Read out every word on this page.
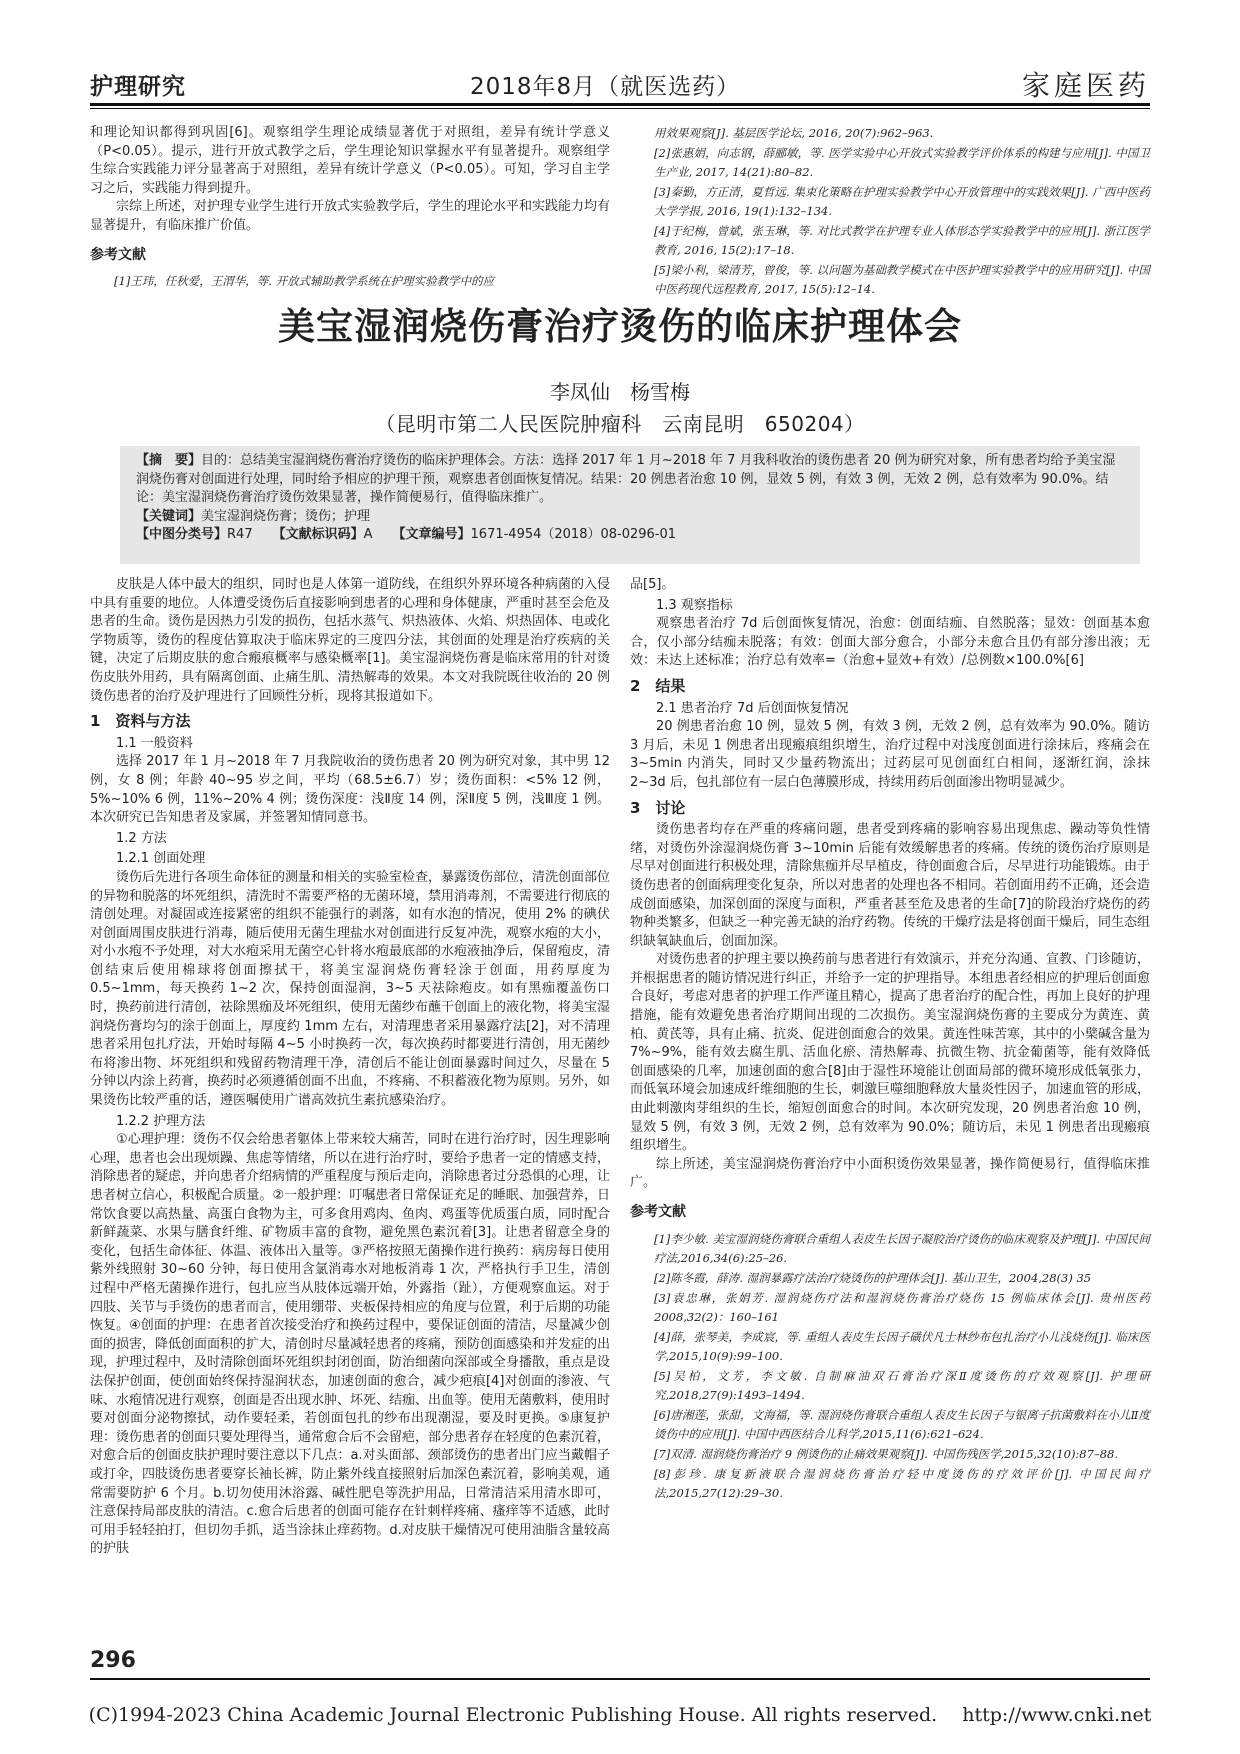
护理研究	2018年8月（就医选药）	家庭医药

和理论知识都得到巩固[6]。观察组学生理论成绩显著优于对照组，差异有统计学意义（P<0.05）。提示，进行开放式教学之后，学生理论知识掌握水平有显著提升。观察组学生综合实践能力评分显著高于对照组，差异有统计学意义（P<0.05）。可知，学习自主学习之后，实践能力得到提升。

宗综上所述，对护理专业学生进行开放式实验教学后，学生的理论水平和实践能力均有显著提升，有临床推广价值。

参考文献
[1]王玮，任秋爱，王渭华，等. 开放式辅助教学系统在护理实验教学中的应
用效果观察[J]. 基层医学论坛, 2016, 20(7):962–963.
[2]张惠娟，向志钢，薛郦敏，等. 医学实验中心开放式实验教学评价体系的构建与应用[J]. 中国卫生产业, 2017, 14(21):80–82.
[3]秦勤，方正清，夏哲远. 集束化策略在护理实验教学中心开放管理中的实践效果[J]. 广西中医药大学学报, 2016, 19(1):132–134.
[4]于纪梅，曾斌，张玉琳，等. 对比式教学在护理专业人体形态学实验教学中的应用[J]. 浙江医学教育, 2016, 15(2):17–18.
[5]梁小利，梁清芳，曾俊，等. 以问题为基础教学模式在中医护理实验教学中的应用研究[J]. 中国中医药现代远程教育, 2017, 15(5):12–14.
美宝湿润烧伤膏治疗烫伤的临床护理体会
李凤仙　杨雪梅
（昆明市第二人民医院肿瘤科　云南昆明　650204）
【摘　要】目的：总结美宝湿润烧伤膏治疗烫伤的临床护理体会。方法：选择 2017 年 1 月~2018 年 7 月我科收治的烫伤患者 20 例为研究对象，所有患者均给予美宝湿润烧伤膏对创面进行处理，同时给予相应的护理干预，观察患者创面恢复情况。结果：20 例患者治愈 10 例，显效 5 例，有效 3 例，无效 2 例，总有效率为 90.0%。结论：美宝湿润烧伤膏治疗烫伤效果显著，操作简便易行，值得临床推广。
【关键词】美宝湿润烧伤膏；烫伤；护理
【中图分类号】R47 【文献标识码】A 【文章编号】1671-4954（2018）08-0296-01

皮肤是人体中最大的组织，同时也是人体第一道防线，在组织外界环境各种病菌的入侵中具有重要的地位。人体遭受烫伤后直接影响到患者的心理和身体健康，严重时甚至会危及患者的生命。烫伤是因热力引发的损伤，包括水蒸气、炽热液体、火焰、炽热固体、电或化学物质等，烫伤的程度估算取决于临床界定的三度四分法，其创面的处理是治疗疾病的关键，决定了后期皮肤的愈合瘢痕概率与感染概率[1]。美宝湿润烧伤膏是临床常用的针对烫伤皮肤外用药，具有隔离创面、止痛生肌、清热解毒的效果。本文对我院既往收治的 20 例烫伤患者的治疗及护理进行了回顾性分析，现将其报道如下。

1　资料与方法
1.1 一般资料

选择 2017 年 1 月~2018 年 7 月我院收治的烫伤患者 20 例为研究对象，其中男 12 例，女 8 例；年龄 40~95 岁之间，平均（68.5±6.7）岁；烫伤面积：<5% 12 例，5%~10% 6 例，11%~20% 4 例；烫伤深度：浅Ⅱ度 14 例，深Ⅱ度 5 例，浅Ⅲ度 1 例。本次研究已告知患者及家属，并签署知情同意书。

1.2 方法
1.2.1 创面处理

烫伤后先进行各项生命体征的测量和相关的实验室检查，暴露烫伤部位，清洗创面部位的异物和脱落的坏死组织，清洗时不需要严格的无菌环境，禁用消毒剂，不需要进行彻底的清创处理。对凝固或连接紧密的组织不能强行的剥落，如有水泡的情况，使用 2% 的碘伏对创面周围皮肤进行消毒，随后使用无菌生理盐水对创面进行反复冲洗，观察水疱的大小，对小水疱不予处理，对大水疱采用无菌空心针将水疱最底部的水疱液抽净后，保留疱皮，清创结束后使用棉球将创面擦拭干，将美宝湿润烧伤膏轻涂于创面，用药厚度为 0.5~1mm，每天换药 1~2 次，保持创面湿润，3~5 天祛除疱皮。如有黑痂覆盖伤口时，换药前进行清创，祛除黑痂及坏死组织，使用无菌纱布蘸干创面上的液化物，将美宝湿润烧伤膏均匀的涂于创面上，厚度约 1mm 左右，对清理患者采用暴露疗法[2]，对不清理患者采用包扎疗法，开始时每隔 4~5 小时换药一次，每次换药时都要进行清创，用无菌纱布将渗出物、坏死组织和残留药物清理干净，清创后不能让创面暴露时间过久，尽量在 5 分钟以内涂上药膏，换药时必须遵循创面不出血，不疼痛、不积蓄液化物为原则。另外，如果烫伤比较严重的话，遵医嘱使用广谱高效抗生素抗感染治疗。

1.2.2 护理方法

①心理护理：烫伤不仅会给患者躯体上带来较大痛苦，同时在进行治疗时，因生理影响心理，患者也会出现烦躁、焦虑等情绪，所以在进行治疗时，要给予患者一定的情感支持，消除患者的疑虑，并向患者介绍病情的严重程度与预后走向，消除患者过分恐惧的心理，让患者树立信心，积极配合质量。②一般护理：叮嘱患者日常保证充足的睡眠、加强营养，日常饮食要以高热量、高蛋白食物为主，可多食用鸡肉、鱼肉、鸡蛋等优质蛋白质，同时配合新鲜蔬菜、水果与膳食纤维、矿物质丰富的食物，避免黑色素沉着[3]。让患者留意全身的变化，包括生命体征、体温、液体出入量等。③严格按照无菌操作进行换药：病房每日使用紫外线照射 30~60 分钟，每日使用含氯消毒水对地板消毒 1 次，严格执行手卫生，清创过程中严格无菌操作进行，包扎应当从肢体远端开始，外露指（趾），方便观察血运。对于四肢、关节与手烫伤的患者而言，使用绷带、夹板保持相应的角度与位置，利于后期的功能恢复。④创面的护理：在患者首次接受治疗和换药过程中，要保证创面的清洁，尽量减少创面的损害，降低创面面积的扩大，清创时尽量减轻患者的疼痛，预防创面感染和并发症的出现，护理过程中，及时清除创面坏死组织封闭创面，防治细菌向深部或全身播散，重点是设法保护创面，使创面始终保持湿润状态，加速创面的愈合，减少疤痕[4]对创面的渗液、气味、水疱情况进行观察，创面是否出现水肿、坏死、结痂、出血等。使用无菌敷料，使用时要对创面分泌物擦拭，动作要轻柔，若创面包扎的纱布出现潮湿，要及时更换。⑤康复护理：烫伤患者的创面只要处理得当，通常愈合后不会留疤，部分患者存在轻度的色素沉着，对愈合后的创面皮肤护理时要注意以下几点：a.对头面部、颈部烫伤的患者出门应当戴帽子或打伞，四肢烫伤患者要穿长袖长裤，防止紫外线直接照射后加深色素沉着，影响美观，通常需要防护 6 个月。b.切勿使用沐浴露、碱性肥皂等洗护用品，日常清洁采用清水即可，注意保持局部皮肤的清洁。c.愈合后患者的创面可能存在针刺样疼痛、瘙痒等不适感，此时可用手轻轻拍打，但切勿手抓，适当涂抹止痒药物。d.对皮肤干燥情况可使用油脂含量较高的护肤

品[5]。

1.3 观察指标

观察患者治疗 7d 后创面恢复情况，治愈：创面结痂、自然脱落；显效：创面基本愈合，仅小部分结痂未脱落；有效：创面大部分愈合，小部分未愈合且仍有部分渗出液；无效：未达上述标准；治疗总有效率=（治愈+显效+有效）/总例数×100.0%[6]

2　结果
2.1 患者治疗 7d 后创面恢复情况

20 例患者治愈 10 例，显效 5 例，有效 3 例，无效 2 例，总有效率为 90.0%。随访 3 月后，未见 1 例患者出现瘢痕组织增生，治疗过程中对浅度创面进行涂抹后，疼痛会在 3~5min 内消失，同时又少量药物流出；过药层可见创面红白相间，逐渐红润，涂抹 2~3d 后，包扎部位有一层白色薄膜形成，持续用药后创面渗出物明显减少。

3　讨论

烫伤患者均存在严重的疼痛问题，患者受到疼痛的影响容易出现焦虑、躁动等负性情绪，对烫伤外涂湿润烧伤膏 3~10min 后能有效缓解患者的疼痛。传统的烫伤治疗原则是尽早对创面进行积极处理，清除焦痂并尽早植皮，待创面愈合后，尽早进行功能锻炼。由于烫伤患者的创面病理变化复杂，所以对患者的处理也各不相同。若创面用药不正确，还会造成创面感染，加深创面的深度与面积，严重者甚至危及患者的生命[7]的阶段治疗烧伤的药物种类繁多，但缺乏一种完善无缺的治疗药物。传统的干燥疗法是将创面干燥后，同生态组织缺氧缺血后，创面加深。

对烫伤患者的护理主要以换药前与患者进行有效演示，并充分沟通、宣教、门诊随访，并根据患者的随访情况进行纠正，并给予一定的护理指导。本组患者经相应的护理后创面愈合良好，考虑对患者的护理工作严谨且精心，提高了患者治疗的配合性，再加上良好的护理措施，能有效避免患者治疗期间出现的二次损伤。美宝湿润烧伤膏的主要成分为黄连、黄柏、黄芪等，具有止痛、抗炎、促进创面愈合的效果。黄连性味苦寒，其中的小檗碱含量为 7%~9%，能有效去腐生肌、活血化瘀、清热解毒、抗微生物、抗金葡菌等，能有效降低创面感染的几率，加速创面的愈合[8]由于湿性环境能让创面局部的微环境形成低氧张力，而低氧环境会加速成纤维细胞的生长，刺激巨噬细胞释放大量炎性因子，加速血管的形成，由此刺激肉芽组织的生长，缩短创面愈合的时间。本次研究发现，20 例患者治愈 10 例，显效 5 例，有效 3 例，无效 2 例，总有效率为 90.0%；随访后，未见 1 例患者出现瘢痕组织增生。

综上所述，美宝湿润烧伤膏治疗中小面积烫伤效果显著，操作简便易行，值得临床推广。

参考文献
[1]李少敏. 美宝湿润烧伤膏联合重组人表皮生长因子凝胶治疗烫伤的临床观察及护理[J]. 中国民间疗法,2016,34(6):25–26.
[2]陈冬霞，薛涛. 湿润暴露疗法治疗烧烫伤的护理体会[J]. 基山卫生，2004,28(3) 35
[3]袁忠琳，张娟芳. 湿润烧伤疗法和湿润烧伤膏治疗烧伤 15 例临床体会[J]. 贵州医药 2008,32(2)：160–161
[4]薛，张琴美，李成宸，等. 重组人表皮生长因子磺伏凡士林纱布包扎治疗小儿浅烧伤[J]. 临床医学,2015,10(9):99–100.
[5]吴柏，文芳，李文敏. 自制麻油双石膏治疗深Ⅱ度烫伤的疗效观察[J]. 护理研究,2018,27(9):1493–1494.
[6]唐湘莲，张甜，文海福，等. 湿润烧伤膏联合重组人表皮生长因子与银离子抗菌敷料在小儿Ⅱ度烫伤中的应用[J]. 中国中西医结合儿科学,2015,11(6):621–624.
[7]双清. 湿润烧伤膏治疗 9 例烫伤的止痛效果观察[J]. 中国伤残医学,2015,32(10):87–88.
[8]彭珍. 康复新液联合湿润烧伤膏治疗轻中度烫伤的疗效评价[J]. 中国民间疗法,2015,27(12):29–30.
296
(C)1994-2023 China Academic Journal Electronic Publishing House. All rights reserved.　 http://www.cnki.net
